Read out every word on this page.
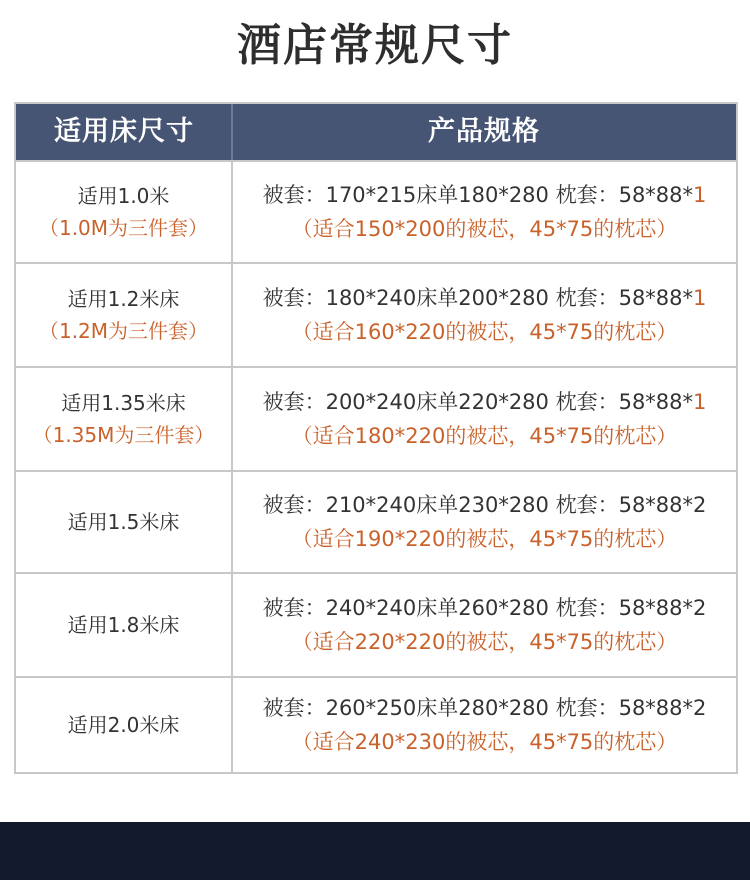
酒店常规尺寸
适用床尺寸	产品规格
适用1.0米
（1.0M为三件套）
被套：170*215床单180*280 枕套：58*88*1
（适合150*200的被芯，45*75的枕芯）
适用1.2米床
（1.2M为三件套）
被套：180*240床单200*280 枕套：58*88*1
（适合160*220的被芯，45*75的枕芯）
适用1.35米床
（1.35M为三件套）
被套：200*240床单220*280 枕套：58*88*1
（适合180*220的被芯，45*75的枕芯）
适用1.5米床
被套：210*240床单230*280 枕套：58*88*2
（适合190*220的被芯，45*75的枕芯）
适用1.8米床
被套：240*240床单260*280 枕套：58*88*2
（适合220*220的被芯，45*75的枕芯）
适用2.0米床
被套：260*250床单280*280 枕套：58*88*2
（适合240*230的被芯，45*75的枕芯）
